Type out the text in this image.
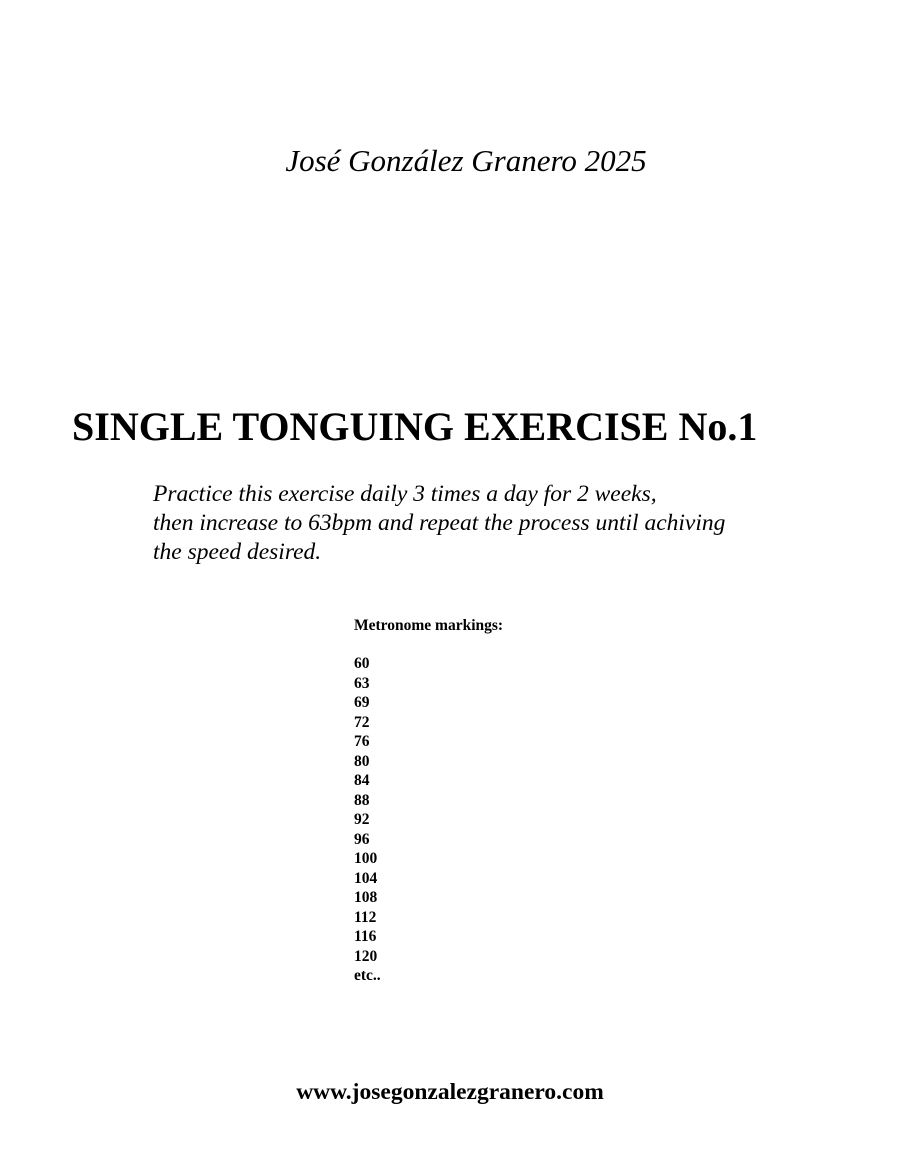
José González Granero 2025
SINGLE TONGUING EXERCISE No.1
Practice this exercise daily 3 times a day for 2 weeks,
then increase to 63bpm and repeat the process until achiving
the speed desired.
Metronome markings:
60
63
69
72
76
80
84
88
92
96
100
104
108
112
116
120
etc..
www.josegonzalezgranero.com
